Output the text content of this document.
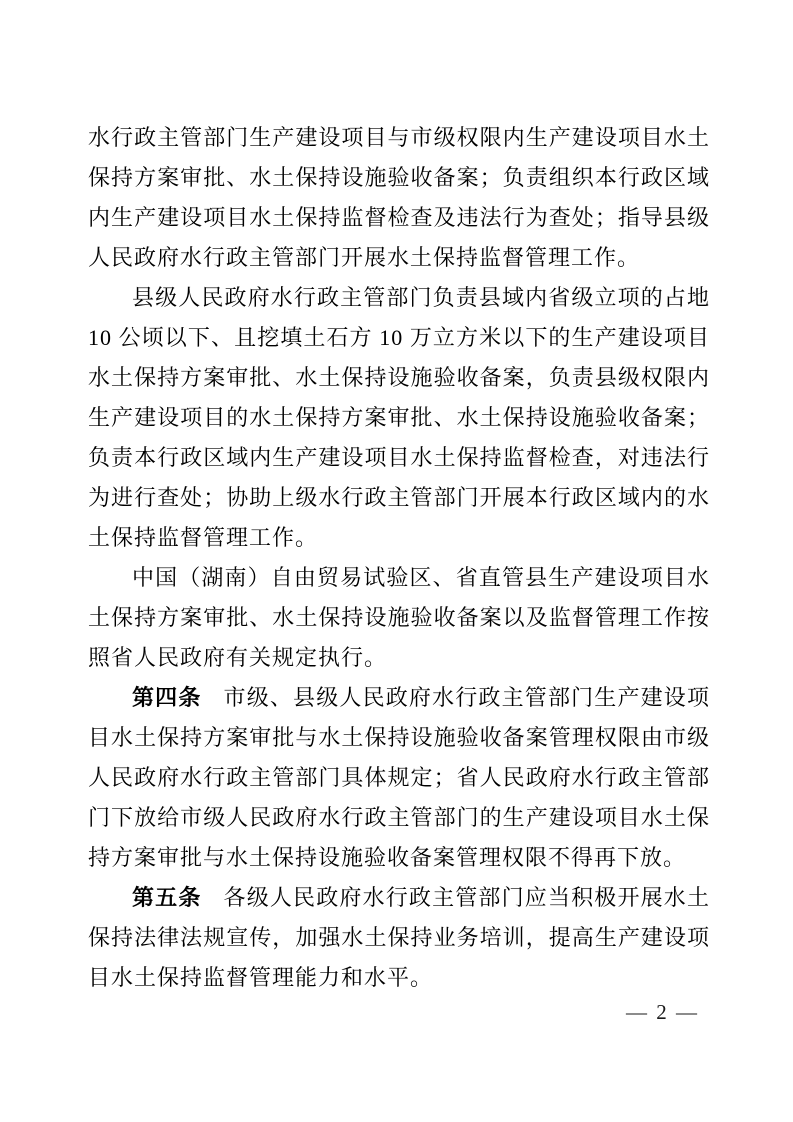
水行政主管部门生产建设项目与市级权限内生产建设项目水土保持方案审批、水土保持设施验收备案；负责组织本行政区域内生产建设项目水土保持监督检查及违法行为查处；指导县级人民政府水行政主管部门开展水土保持监督管理工作。

县级人民政府水行政主管部门负责县域内省级立项的占地 10 公顷以下、且挖填土石方 10 万立方米以下的生产建设项目水土保持方案审批、水土保持设施验收备案，负责县级权限内生产建设项目的水土保持方案审批、水土保持设施验收备案；负责本行政区域内生产建设项目水土保持监督检查，对违法行为进行查处；协助上级水行政主管部门开展本行政区域内的水土保持监督管理工作。

中国（湖南）自由贸易试验区、省直管县生产建设项目水土保持方案审批、水土保持设施验收备案以及监督管理工作按照省人民政府有关规定执行。

第四条 市级、县级人民政府水行政主管部门生产建设项目水土保持方案审批与水土保持设施验收备案管理权限由市级人民政府水行政主管部门具体规定；省人民政府水行政主管部门下放给市级人民政府水行政主管部门的生产建设项目水土保持方案审批与水土保持设施验收备案管理权限不得再下放。

第五条 各级人民政府水行政主管部门应当积极开展水土保持法律法规宣传，加强水土保持业务培训，提高生产建设项目水土保持监督管理能力和水平。

— 2 —
